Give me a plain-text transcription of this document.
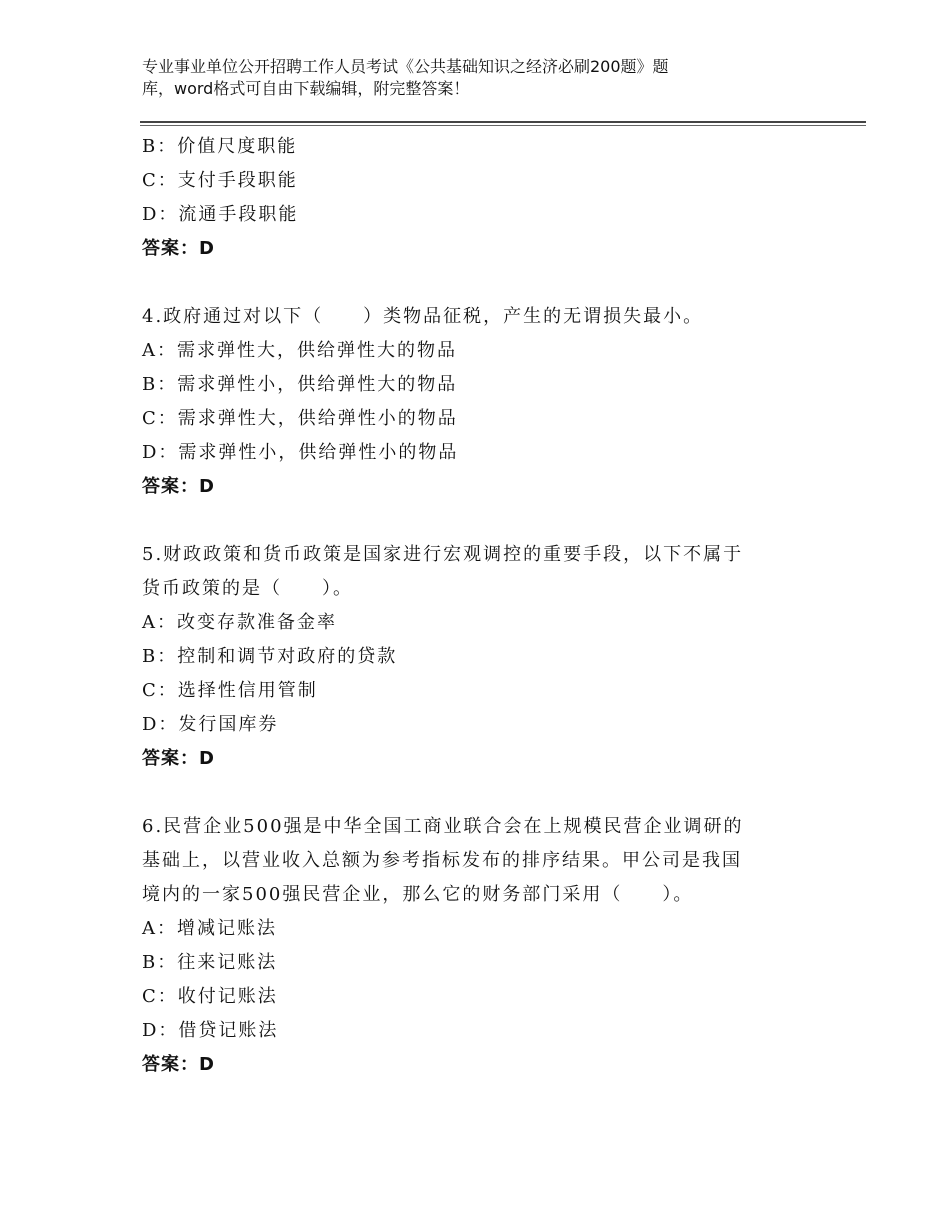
专业事业单位公开招聘工作人员考试《公共基础知识之经济必刷200题》题
库，word格式可自由下载编辑，附完整答案！
B：价值尺度职能
C：支付手段职能
D：流通手段职能
答案：D
4.政府通过对以下（　　）类物品征税，产生的无谓损失最小。
A：需求弹性大，供给弹性大的物品
B：需求弹性小，供给弹性大的物品
C：需求弹性大，供给弹性小的物品
D：需求弹性小，供给弹性小的物品
答案：D
5.财政政策和货币政策是国家进行宏观调控的重要手段，以下不属于
货币政策的是（　　）。
A：改变存款准备金率
B：控制和调节对政府的贷款
C：选择性信用管制
D：发行国库券
答案：D
6.民营企业500强是中华全国工商业联合会在上规模民营企业调研的
基础上，以营业收入总额为参考指标发布的排序结果。甲公司是我国
境内的一家500强民营企业，那么它的财务部门采用（　　）。
A：增减记账法
B：往来记账法
C：收付记账法
D：借贷记账法
答案：D
